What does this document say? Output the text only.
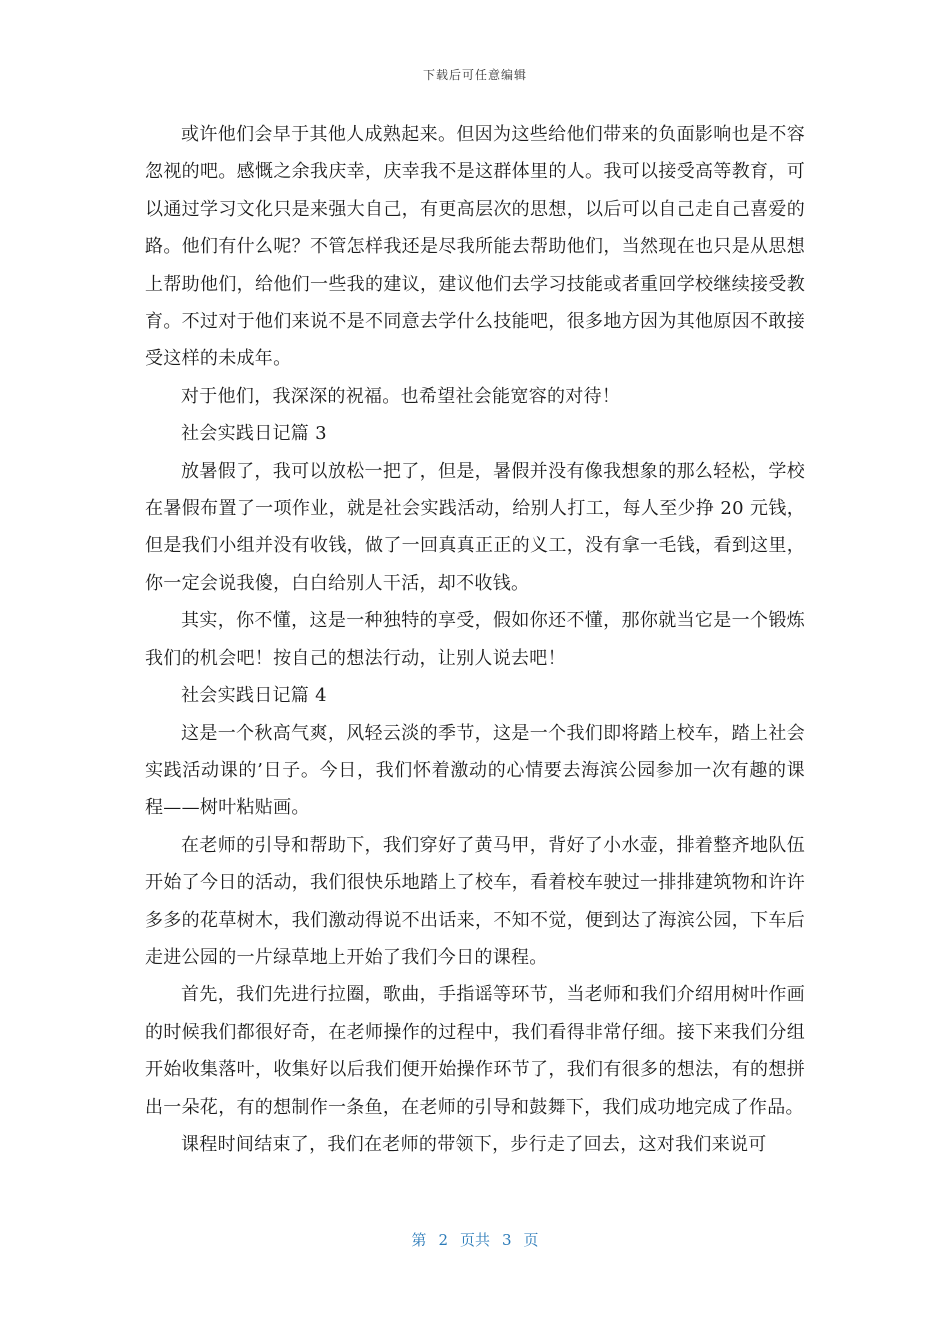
下载后可任意编辑

或许他们会早于其他人成熟起来。但因为这些给他们带来的负面影响也是不容忽视的吧。感慨之余我庆幸，庆幸我不是这群体里的人。我可以接受高等教育，可以通过学习文化只是来强大自己，有更高层次的思想，以后可以自己走自己喜爱的路。他们有什么呢？不管怎样我还是尽我所能去帮助他们，当然现在也只是从思想上帮助他们，给他们一些我的建议，建议他们去学习技能或者重回学校继续接受教育。不过对于他们来说不是不同意去学什么技能吧，很多地方因为其他原因不敢接受这样的未成年。

对于他们，我深深的祝福。也希望社会能宽容的对待！

社会实践日记篇 3

放暑假了，我可以放松一把了，但是，暑假并没有像我想象的那么轻松，学校在暑假布置了一项作业，就是社会实践活动，给别人打工，每人至少挣 20 元钱，但是我们小组并没有收钱，做了一回真真正正的义工，没有拿一毛钱，看到这里，你一定会说我傻，白白给别人干活，却不收钱。

其实，你不懂，这是一种独特的享受，假如你还不懂，那你就当它是一个锻炼我们的机会吧！按自己的想法行动，让别人说去吧！

社会实践日记篇 4

这是一个秋高气爽，风轻云淡的季节，这是一个我们即将踏上校车，踏上社会实践活动课的’日子。今日，我们怀着激动的心情要去海滨公园参加一次有趣的课程——树叶粘贴画。

在老师的引导和帮助下，我们穿好了黄马甲，背好了小水壶，排着整齐地队伍开始了今日的活动，我们很快乐地踏上了校车，看着校车驶过一排排建筑物和许许多多的花草树木，我们激动得说不出话来，不知不觉，便到达了海滨公园，下车后走进公园的一片绿草地上开始了我们今日的课程。

首先，我们先进行拉圈，歌曲，手指谣等环节，当老师和我们介绍用树叶作画的时候我们都很好奇，在老师操作的过程中，我们看得非常仔细。接下来我们分组开始收集落叶，收集好以后我们便开始操作环节了，我们有很多的想法，有的想拼出一朵花，有的想制作一条鱼，在老师的引导和鼓舞下，我们成功地完成了作品。

课程时间结束了，我们在老师的带领下，步行走了回去，这对我们来说可

第 2 页共 3 页
